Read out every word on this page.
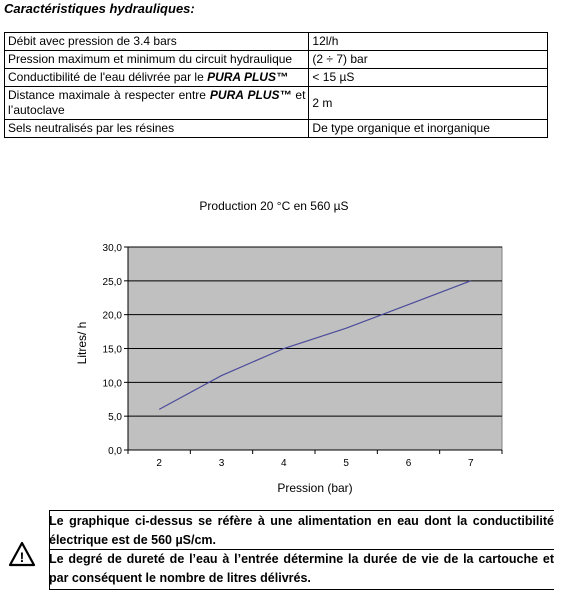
Caractéristiques hydrauliques:
Débit avec pression de 3.4 bars	12l/h
Pression maximum et minimum du circuit hydraulique	(2 ÷ 7) bar
Conductibilité de l'eau délivrée par le PURA PLUS™	< 15 µS
Distance maximale à respecter entre PURA PLUS™ et l’autoclave	2 m
Sels neutralisés par les résines	De type organique et inorganique
Production 20 °C en 560 µS
Litres/ h
Pression (bar)
0,0
5,0
10,0
15,0
20,0
25,0
30,0
2	3	4	5	6	7
Le graphique ci-dessus se réfère à une alimentation en eau dont la conductibilité électrique est de 560 µS/cm.
Le degré de dureté de l’eau à l’entrée détermine la durée de vie de la cartouche et par conséquent le nombre de litres délivrés.
!
